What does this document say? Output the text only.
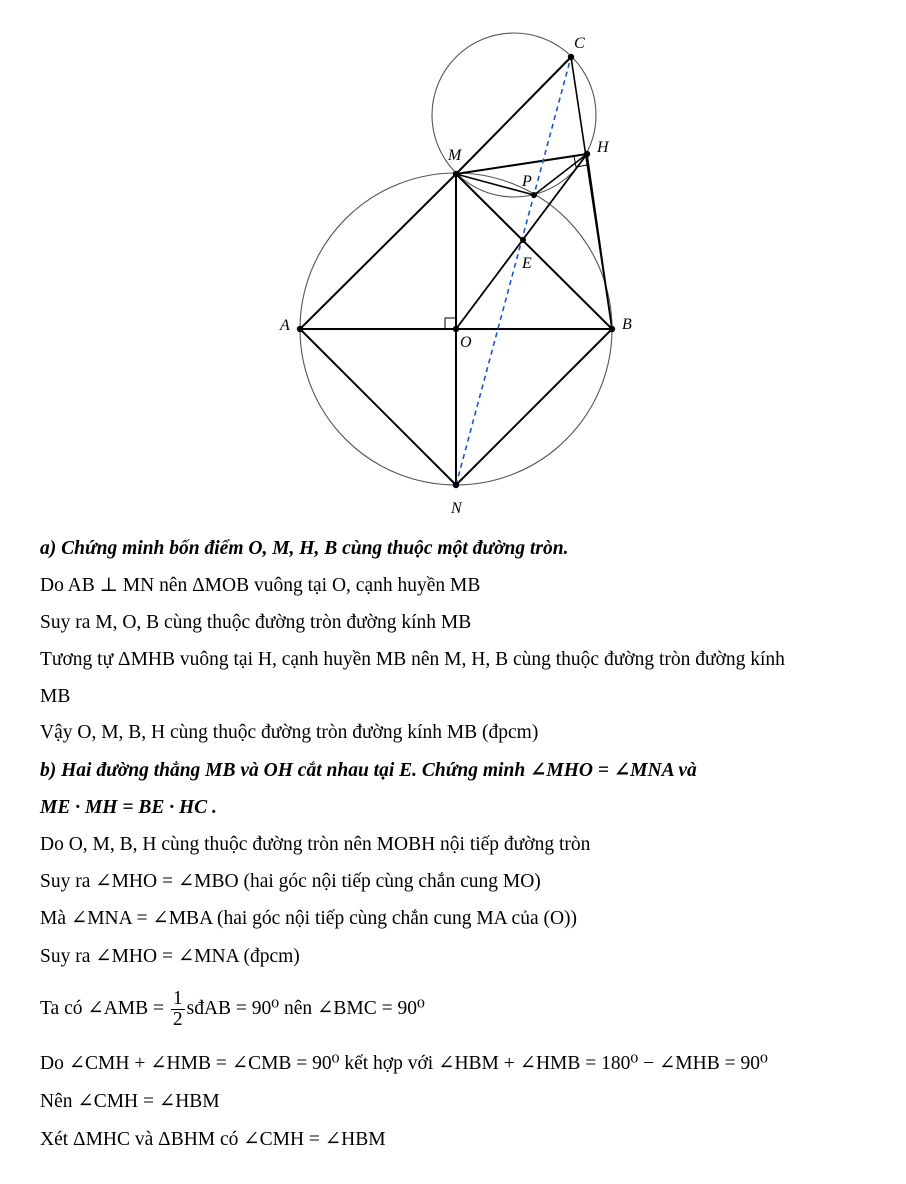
C
H
M
P
E
A	B
O
N
a) Chứng minh bốn điểm O, M, H, B cùng thuộc một đường tròn.
Do AB ⊥ MN nên ΔMOB vuông tại O, cạnh huyền MB
Suy ra M, O, B cùng thuộc đường tròn đường kính MB
Tương tự ΔMHB vuông tại H, cạnh huyền MB nên M, H, B cùng thuộc đường tròn đường kính
MB
Vậy O, M, B, H cùng thuộc đường tròn đường kính MB (đpcm)
b) Hai đường thẳng MB và OH cắt nhau tại E. Chứng minh ∠MHO = ∠MNA và
ME · MH = BE · HC .
Do O, M, B, H cùng thuộc đường tròn nên MOBH nội tiếp đường tròn
Suy ra ∠MHO = ∠MBO (hai góc nội tiếp cùng chắn cung MO)
Mà ∠MNA = ∠MBA (hai góc nội tiếp cùng chắn cung MA của (O))
Suy ra ∠MHO = ∠MNA (đpcm)
Ta có ∠AMB = $\frac{1}{2}$ sđAB = 90⁰ nên ∠BMC = 90⁰
Do ∠CMH + ∠HMB = ∠CMB = 90⁰ kết hợp với ∠HBM + ∠HMB = 180⁰ − ∠MHB = 90⁰
Nên ∠CMH = ∠HBM
Xét ΔMHC và ΔBHM có ∠CMH = ∠HBM
